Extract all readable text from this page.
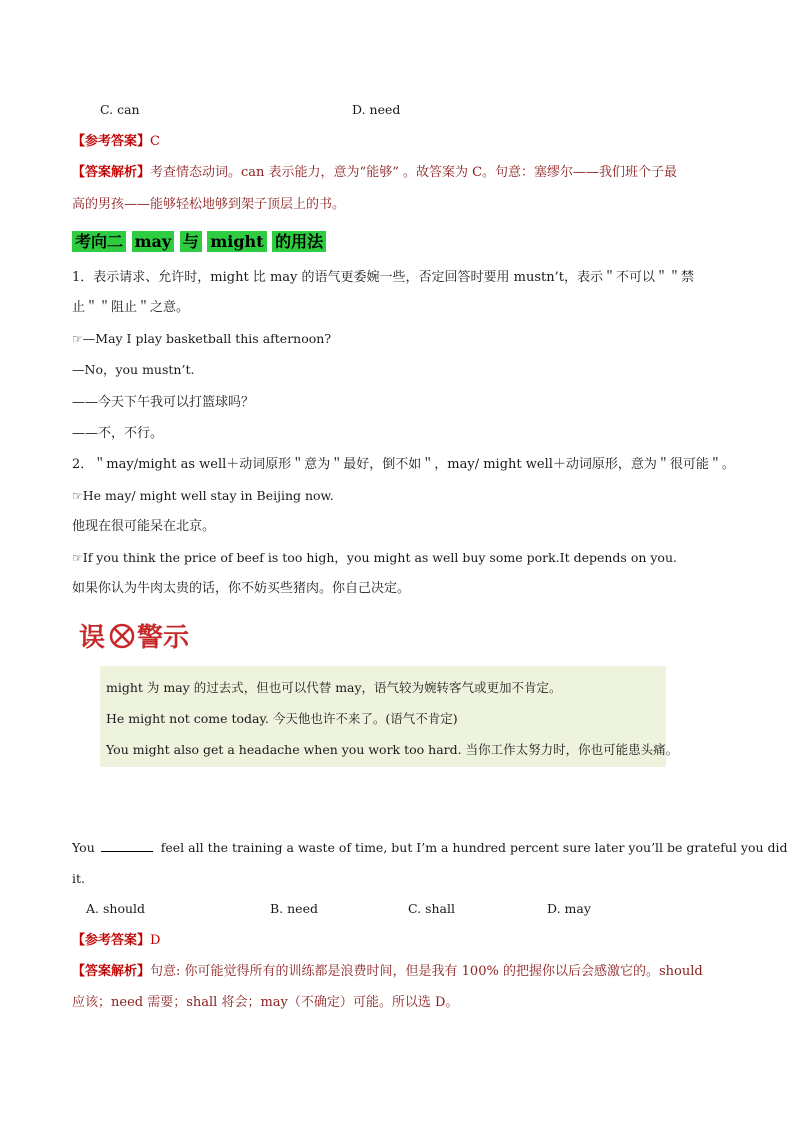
C. can	D. need
【参考答案】C
【答案解析】考查情态动词。can 表示能力，意为“能够” 。故答案为 C。句意：塞缪尔——我们班个子最
高的男孩——能够轻松地够到架子顶层上的书。
考向二 may 与 might 的用法
1．表示请求、允许时，might 比 may 的语气更委婉一些，否定回答时要用 mustn’t，表示＂不可以＂＂禁
止＂＂阻止＂之意。
☞—May I play basketball this afternoon?
—No，you mustn’t.
——今天下午我可以打篮球吗？
——不，不行。
2．＂may/might as well＋动词原形＂意为＂最好，倒不如＂，may/ might well＋动词原形，意为＂很可能＂。
☞He may/ might well stay in Beijing now.
他现在很可能呆在北京。
☞If you think the price of beef is too high，you might as well buy some pork.It depends on you.
如果你认为牛肉太贵的话，你不妨买些猪肉。你自己决定。
误 警示
might 为 may 的过去式，但也可以代替 may，语气较为婉转客气或更加不肯定。
He might not come today. 今天他也许不来了。(语气不肯定)
You might also get a headache when you work too hard. 当你工作太努力时，你也可能患头痛。
You	feel all the training a waste of time, but I’m a hundred percent sure later you’ll be grateful you did
it.
A. should	B. need	C. shall	D. may
【参考答案】D
【答案解析】句意: 你可能觉得所有的训练都是浪费时间，但是我有 100% 的把握你以后会感激它的。should
应该；need 需要；shall 将会；may（不确定）可能。所以选 D。
